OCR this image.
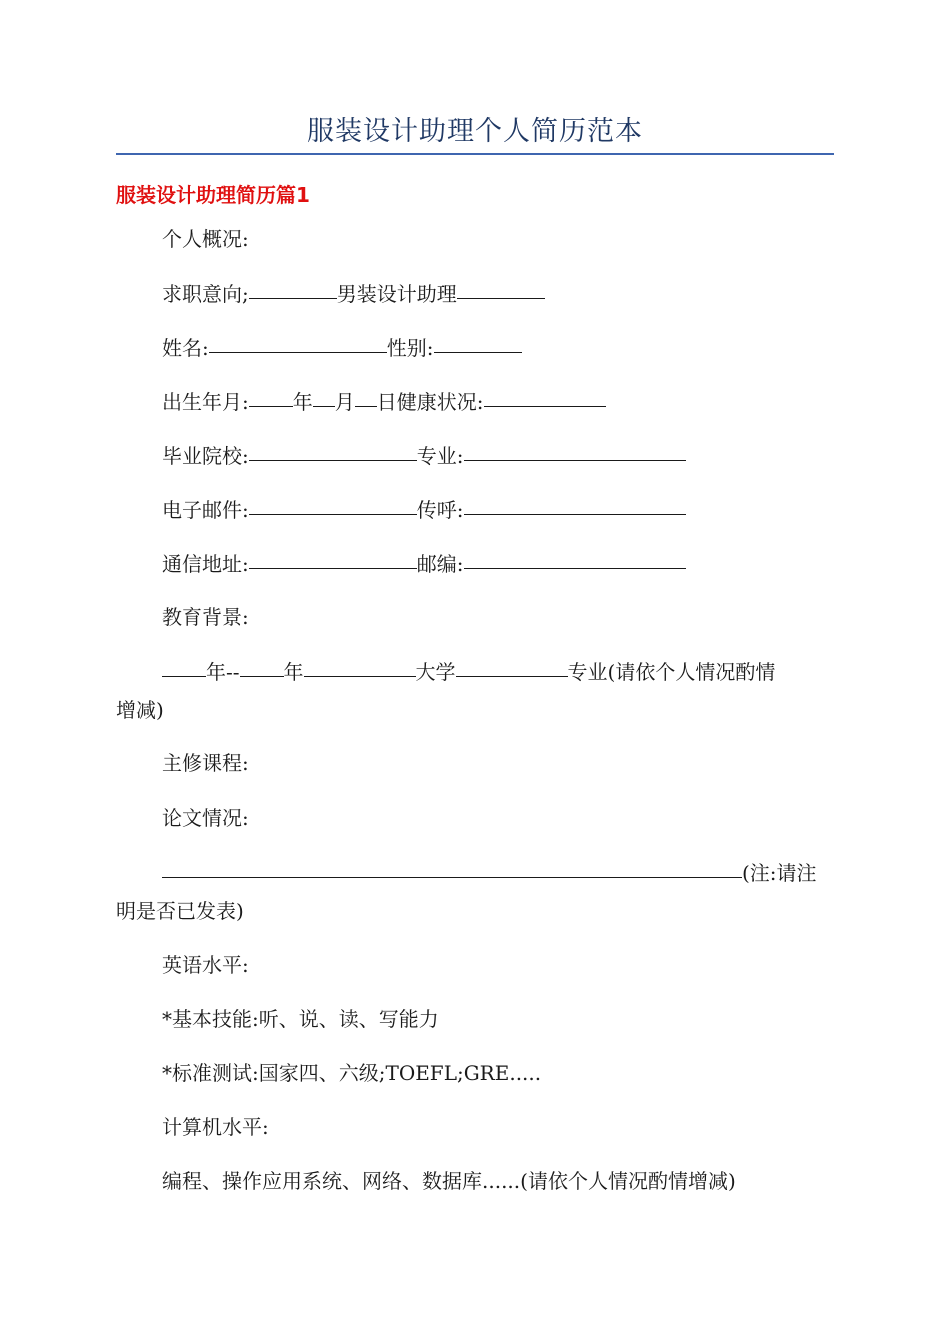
服装设计助理个人简历范本
服装设计助理简历篇1
个人概况:
求职意向;	男装设计助理
姓名:	性别:
出生年月: 年 月 日健康状况:
毕业院校:	专业:
电子邮件:	传呼:
通信地址:	邮编:
教育背景:
年-- 年	大学	专业(请依个人情况酌情
增减)
主修课程:
论文情况:
(注:请注
明是否已发表)
英语水平:
*基本技能:听、说、读、写能力
*标准测试:国家四、六级;TOEFL;GRE.....
计算机水平:
编程、操作应用系统、网络、数据库......(请依个人情况酌情增减)
